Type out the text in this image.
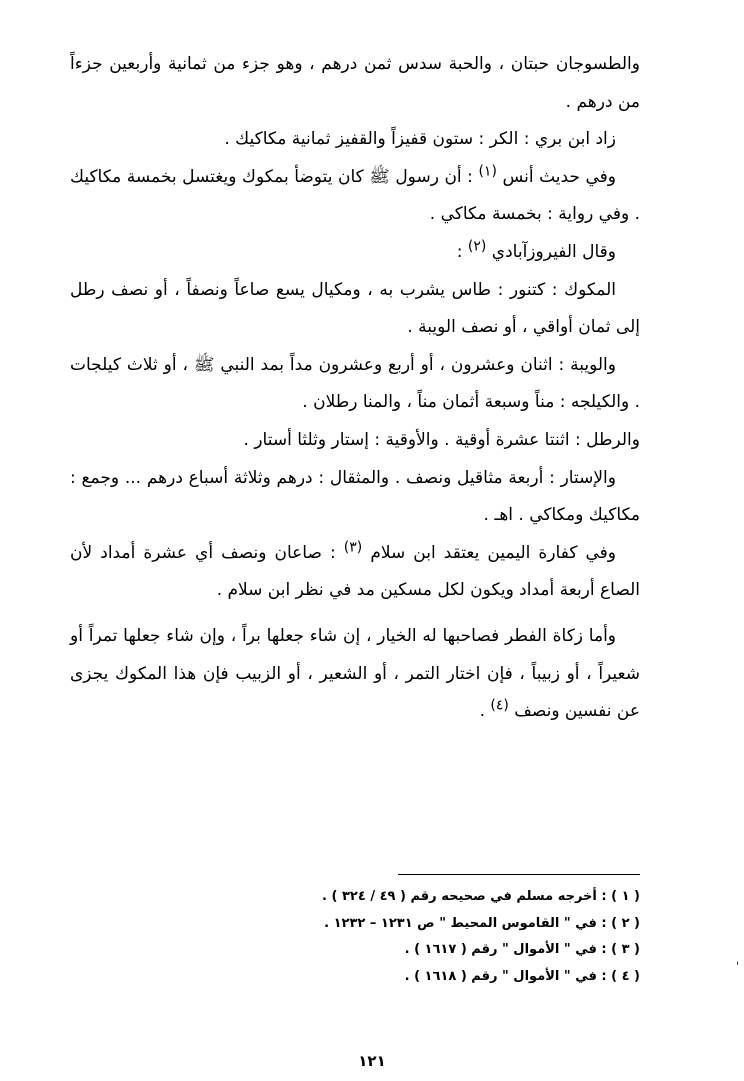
والطسوجان حبتان ، والحبة سدس ثمن درهم ، وهو جزء من ثمانية وأربعين جزءاً من درهم .

زاد ابن بري : الكر : ستون قفيزاً والقفيز ثمانية مكاكيك .

وفي حديث أنس $^{(١)}$ : أن رسول ﷺ كان يتوضأ بمكوك ويغتسل بخمسة مكاكيك . وفي رواية : بخمسة مكاكي .

وقال الفيروزآبادي $^{(٢)}$ :

المكوك : كتنور : طاس يشرب به ، ومكيال يسع صاعاً ونصفاً ، أو نصف رطل إلى ثمان أواقي ، أو نصف الويبة .

والويبة : اثنان وعشرون ، أو أربع وعشرون مداً بمد النبي ﷺ ، أو ثلاث كيلجات . والكيلجه : مناً وسبعة أثمان مناً ، والمنا رطلان .

والرطل : اثنتا عشرة أوقية . والأوقية : إستار وثلثا أستار .

والإستار : أربعة مثاقيل ونصف . والمثقال : درهم وثلاثة أسباع درهم ... وجمع : مكاكيك ومكاكي . اهـ .

وفي كفارة اليمين يعتقد ابن سلام $^{(٣)}$ : صاعان ونصف أي عشرة أمداد لأن الصاع أربعة أمداد ويكون لكل مسكين مد في نظر ابن سلام .

وأما زكاة الفطر فصاحبها له الخيار ، إن شاء جعلها براً ، وإن شاء جعلها تمراً أو شعيراً ، أو زبيباً ، فإن اختار التمر ، أو الشعير ، أو الزبيب فإن هذا المكوك يجزى عن نفسين ونصف $^{(٤)}$ .

( ١ ) : أخرجه مسلم في صحيحه رقم ( ٤٩ / ٣٢٤ ) .
( ٢ ) : في " القاموس المحيط " ص ١٢٣١ – ١٢٣٢ .
( ٣ ) : في " الأموال " رقم ( ١٦١٧ ) .
( ٤ ) : في " الأموال " رقم ( ١٦١٨ ) .
١٢١
ˈ
